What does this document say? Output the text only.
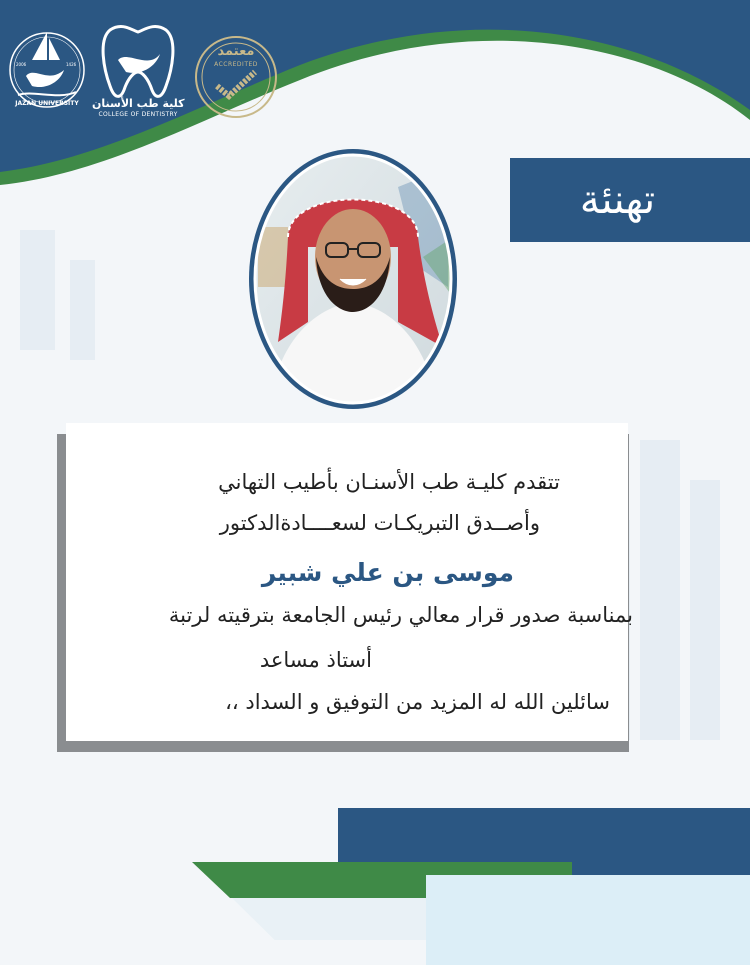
2006	1426
JAZAN UNIVERSITY	كلية طب الأسنان
COLLEGE OF DENTISTRY
معتمد
ACCREDITED
تهنئة
تتقدم كليـة طب الأسنـان بأطيب التهاني
وأصــدق التبريكـات لسعــــادةالدكتور
موسى بن علي شبير
بمناسبة صدور قرار معالي رئيس الجامعة بترقيته لرتبة
أستاذ مساعد
سائلين الله له المزيد من التوفيق و السداد ،،
